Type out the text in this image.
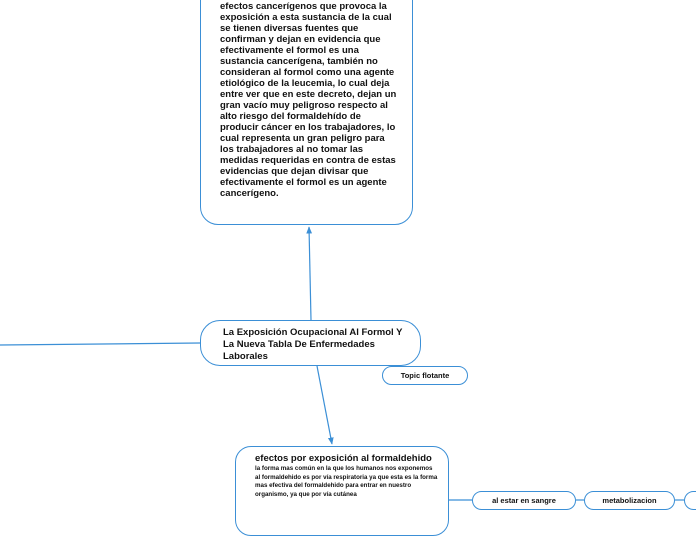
efectos cancerígenos que provoca la exposición a esta sustancia de la cual se tienen diversas fuentes que confirman y dejan en evidencia que efectivamente el formol es una sustancia cancerígena, también no consideran al formol como una agente etiológico de la leucemia, lo cual deja entre ver que en este decreto, dejan un gran vacío muy peligroso respecto al alto riesgo del formaldehído de producir cáncer en los trabajadores, lo cual representa un gran peligro para los trabajadores al no tomar las medidas requeridas en contra de estas evidencias que dejan divisar que efectivamente el formol es un agente cancerígeno.
La Exposición Ocupacional Al Formol Y La Nueva Tabla De Enfermedades Laborales
Topic flotante
efectos por exposición al formaldehido
la forma mas común en la que los humanos nos exponemos al formaldehido es por vía respiratoria ya que esta es la forma mas efectiva del formaldehido para entrar en nuestro organismo, ya que por vía cutánea
al estar en sangre	metabolizacion
